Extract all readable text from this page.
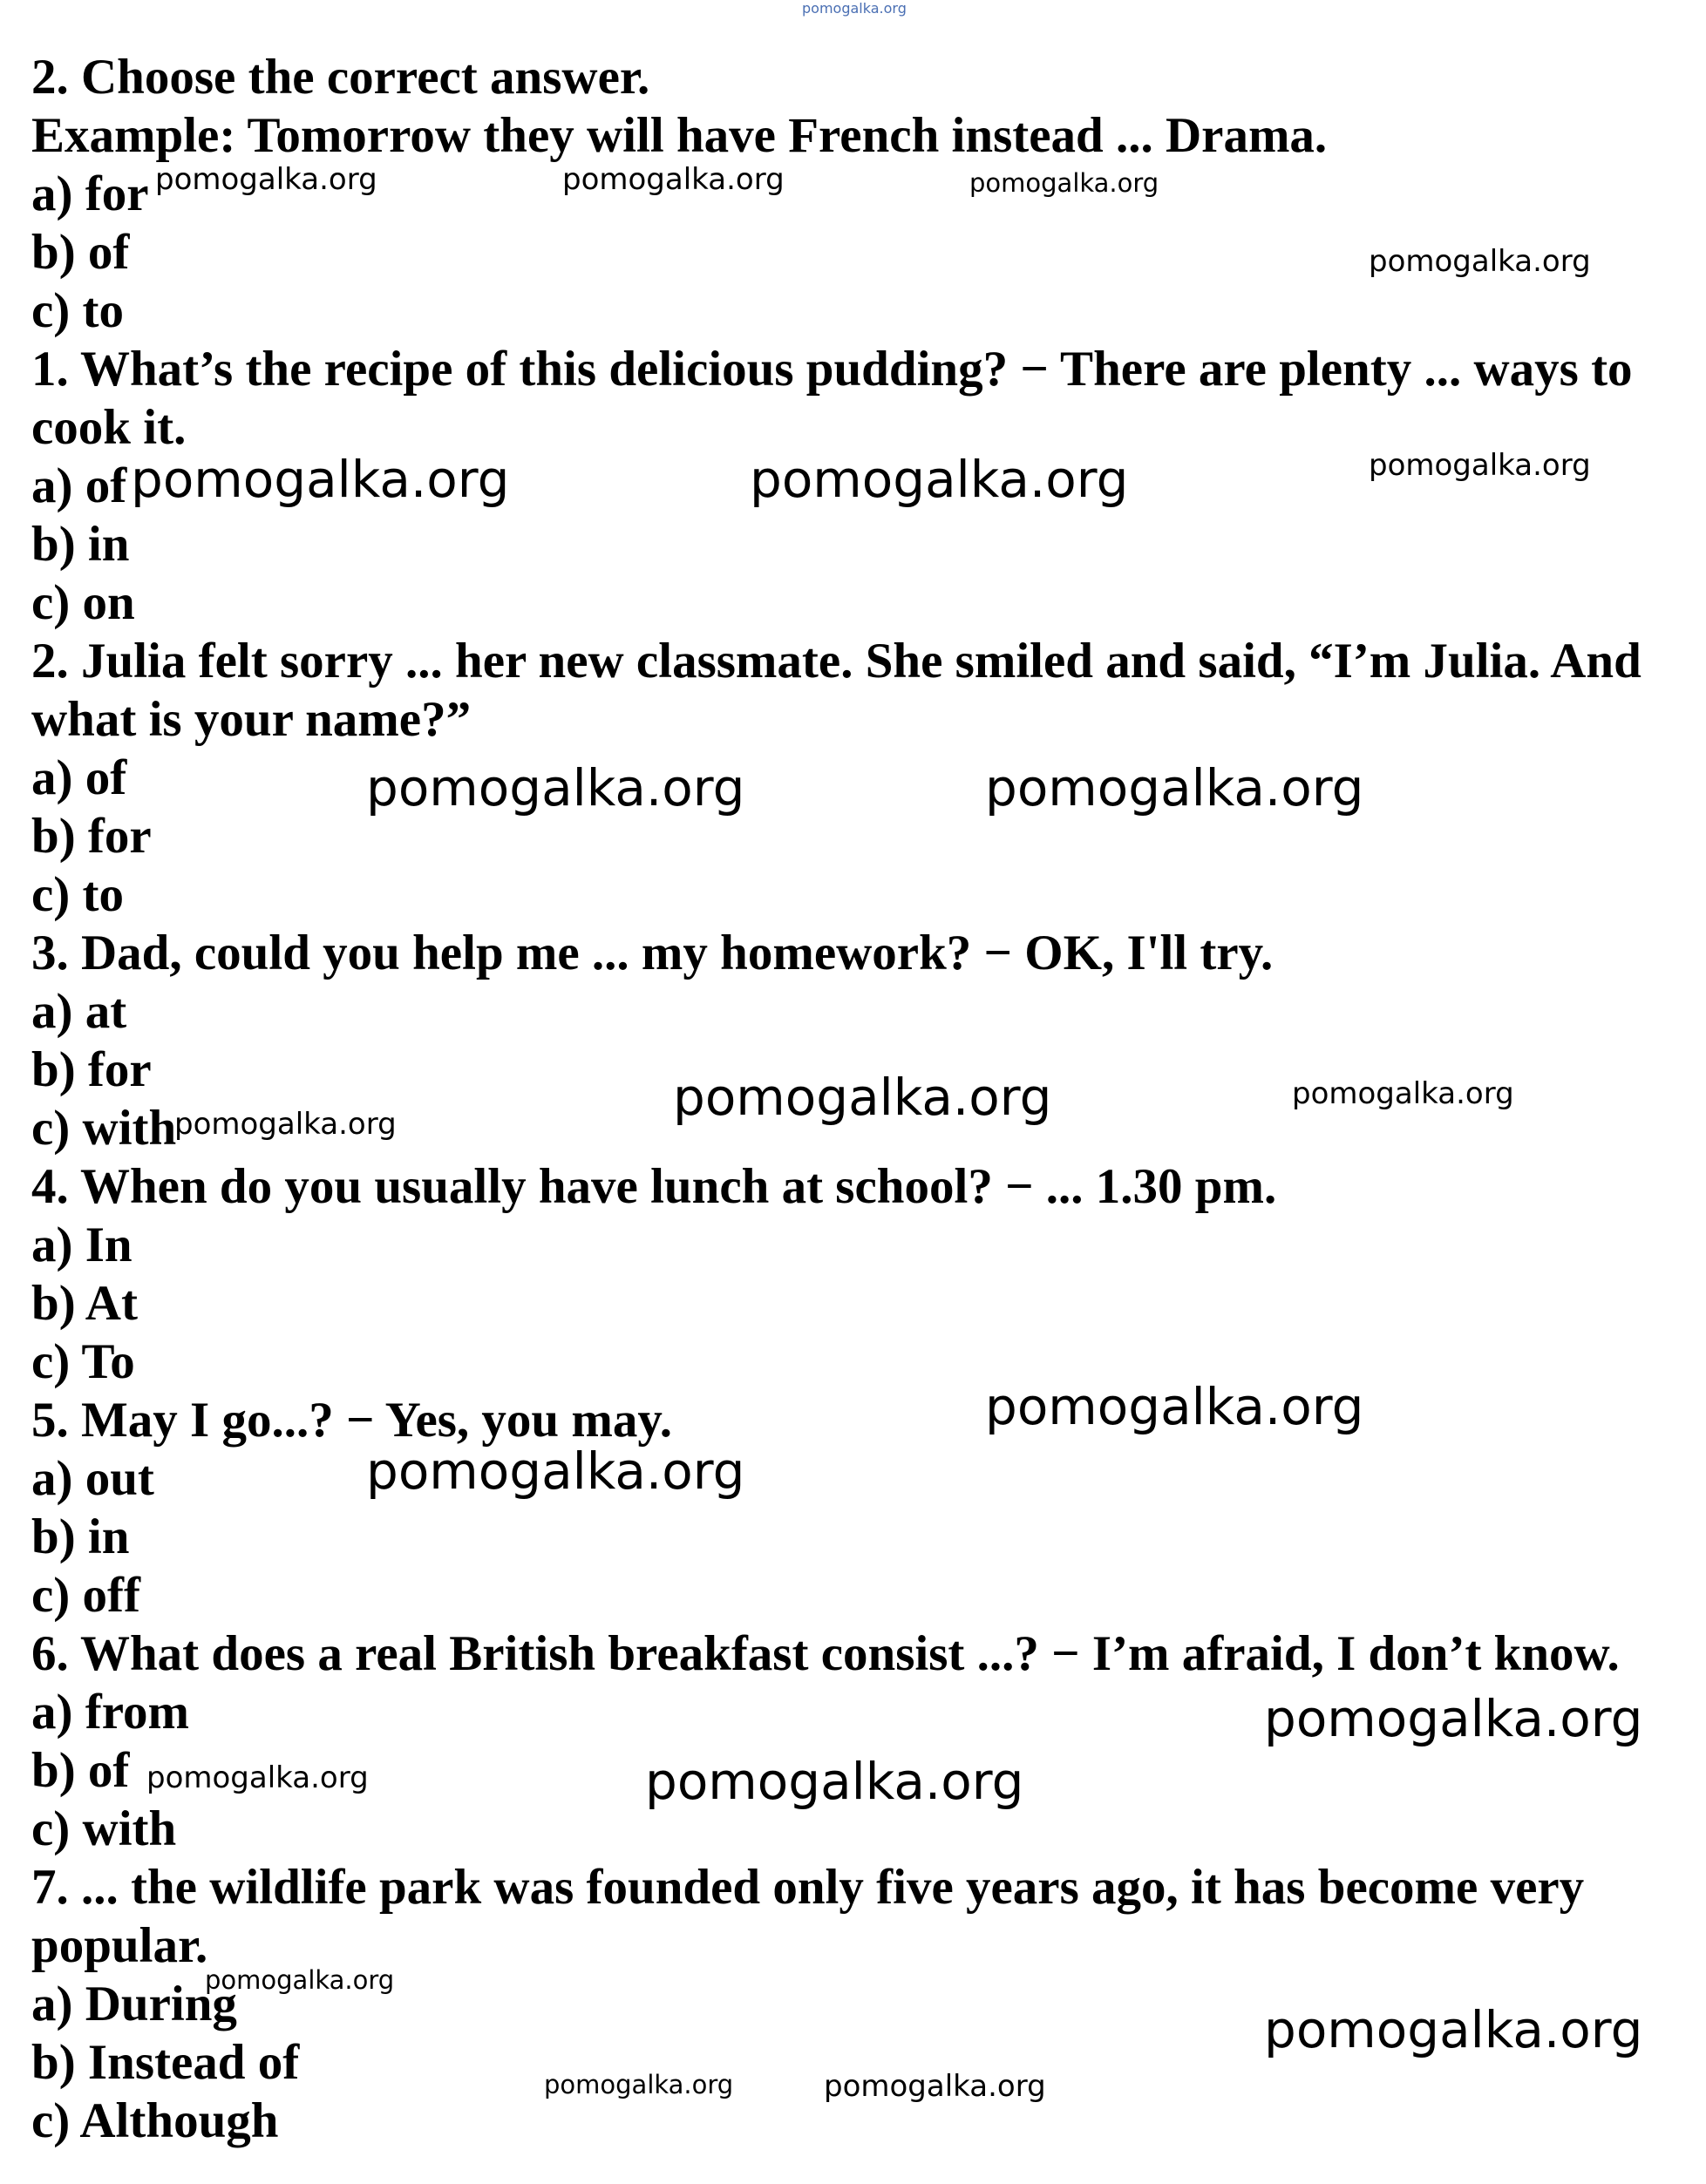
pomogalka.org
2. Choose the correct answer.
Example: Tomorrow they will have French instead ... Drama.
a) for
b) of
c) to
1. What’s the recipe of this delicious pudding? − There are plenty ... ways to
cook it.
a) of
b) in
c) on
2. Julia felt sorry ... her new classmate. She smiled and said, “I’m Julia. And
what is your name?”
a) of
b) for
c) to
3. Dad, could you help me ... my homework? − OK, I'll try.
a) at
b) for
c) with
4. When do you usually have lunch at school? − ... 1.30 pm.
a) In
b) At
c) To
5. May I go...? − Yes, you may.
a) out
b) in
c) off
6. What does a real British breakfast consist ...? − I’m afraid, I don’t know.
a) from
b) of
c) with
7. ... the wildlife park was founded only five years ago, it has become very
popular.
a) During
b) Instead of
c) Although
pomogalka.org	pomogalka.org	pomogalka.org
pomogalka.org
pomogalka.org	pomogalka.org	pomogalka.org
pomogalka.org	pomogalka.org
pomogalka.org	pomogalka.org	pomogalka.org
pomogalka.org
pomogalka.org
pomogalka.org
pomogalka.org	pomogalka.org
pomogalka.org
pomogalka.org
pomogalka.org	pomogalka.org
